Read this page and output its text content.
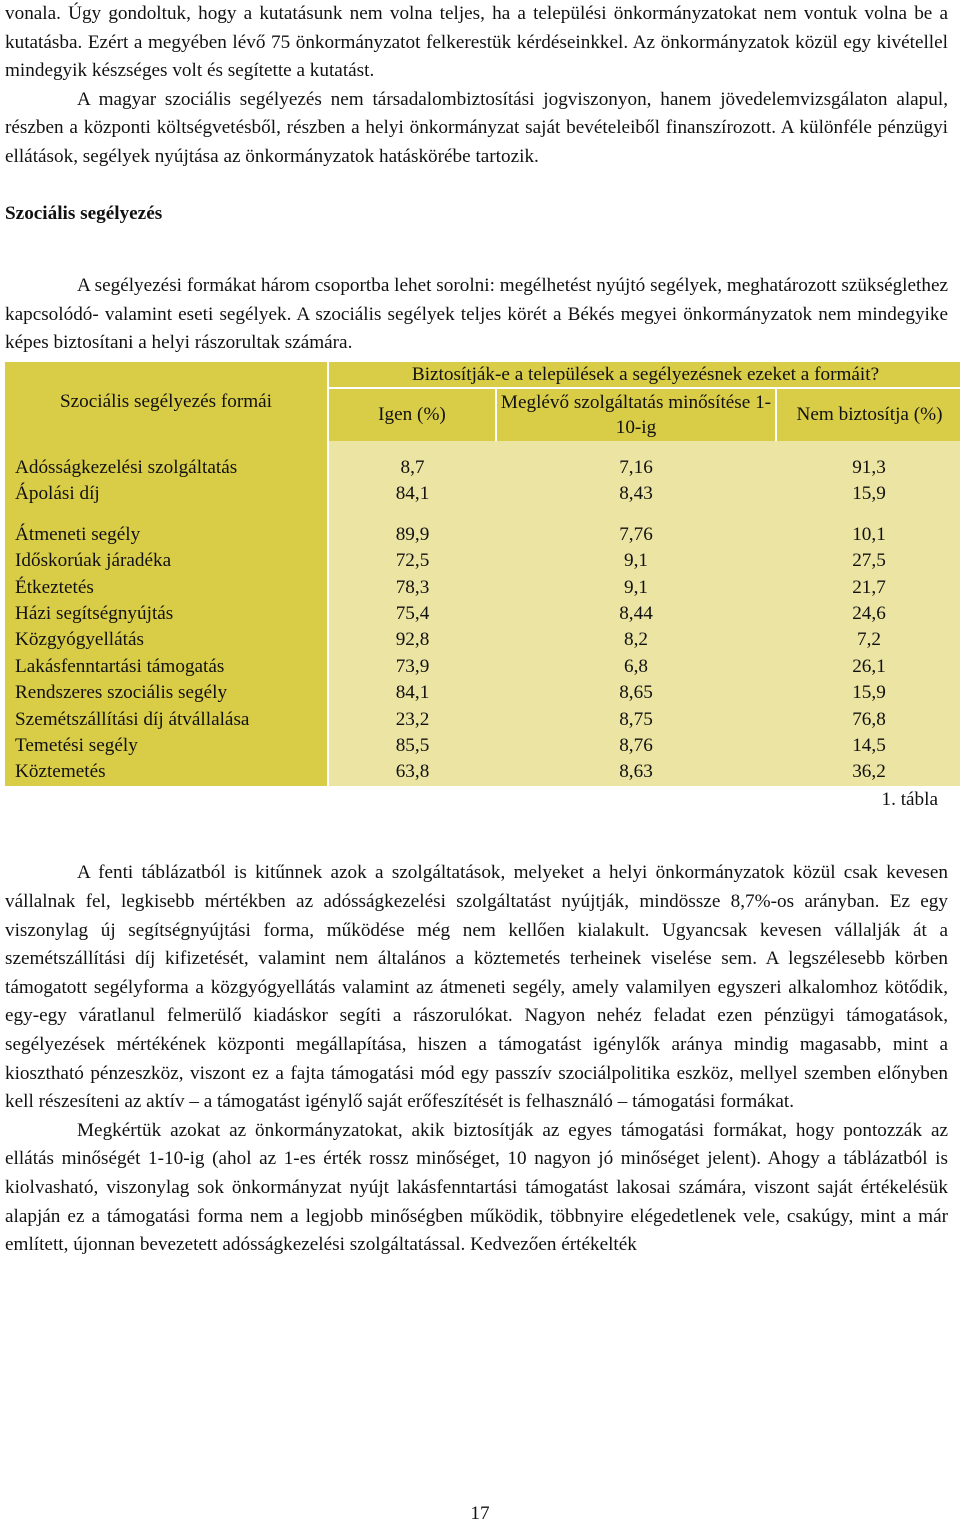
vonala. Úgy gondoltuk, hogy a kutatásunk nem volna teljes, ha a települési önkormányzatokat nem vontuk volna be a kutatásba. Ezért a megyében lévő 75 önkormányzatot felkerestük kérdéseinkkel. Az önkormányzatok közül egy kivétellel mindegyik készséges volt és segítette a kutatást.

A magyar szociális segélyezés nem társadalombiztosítási jogviszonyon, hanem jövedelemvizsgálaton alapul, részben a központi költségvetésből, részben a helyi önkormányzat saját bevételeiből finanszírozott. A különféle pénzügyi ellátások, segélyek nyújtása az önkormányzatok hatáskörébe tartozik.

Szociális segélyezés

A segélyezési formákat három csoportba lehet sorolni: megélhetést nyújtó segélyek, meghatározott szükséglethez kapcsolódó- valamint eseti segélyek. A szociális segélyek teljes körét a Békés megyei önkormányzatok nem mindegyike képes biztosítani a helyi rászorultak számára.

Szociális segélyezés formái	Biztosítják-e a települések a segélyezésnek ezeket a formáit?		
	Igen (%)	Meglévő szolgáltatás minősítése 1-10-ig	Nem biztosítja (%)

Adósságkezelési szolgáltatás	8,7	7,16	91,3
Ápolási díj	84,1	8,43	15,9

Átmeneti segély	89,9	7,76	10,1
Időskorúak járadéka	72,5	9,1	27,5
Étkeztetés	78,3	9,1	21,7
Házi segítségnyújtás	75,4	8,44	24,6
Közgyógyellátás	92,8	8,2	7,2
Lakásfenntartási támogatás	73,9	6,8	26,1
Rendszeres szociális segély	84,1	8,65	15,9
Szemétszállítási díj átvállalása	23,2	8,75	76,8
Temetési segély	85,5	8,76	14,5
Köztemetés	63,8	8,63	36,2
1. tábla

A fenti táblázatból is kitűnnek azok a szolgáltatások, melyeket a helyi önkormányzatok közül csak kevesen vállalnak fel, legkisebb mértékben az adósságkezelési szolgáltatást nyújtják, mindössze 8,7%-os arányban. Ez egy viszonylag új segítségnyújtási forma, működése még nem kellően kialakult. Ugyancsak kevesen vállalják át a szemétszállítási díj kifizetését, valamint nem általános a köztemetés terheinek viselése sem. A legszélesebb körben támogatott segélyforma a közgyógyellátás valamint az átmeneti segély, amely valamilyen egyszeri alkalomhoz kötődik, egy-egy váratlanul felmerülő kiadáskor segíti a rászorulókat. Nagyon nehéz feladat ezen pénzügyi támogatások, segélyezések mértékének központi megállapítása, hiszen a támogatást igénylők aránya mindig magasabb, mint a kiosztható pénzeszköz, viszont ez a fajta támogatási mód egy passzív szociálpolitika eszköz, mellyel szemben előnyben kell részesíteni az aktív – a támogatást igénylő saját erőfeszítését is felhasználó – támogatási formákat.

Megkértük azokat az önkormányzatokat, akik biztosítják az egyes támogatási formákat, hogy pontozzák az ellátás minőségét 1-10-ig (ahol az 1-es érték rossz minőséget, 10 nagyon jó minőséget jelent). Ahogy a táblázatból is kiolvasható, viszonylag sok önkormányzat nyújt lakásfenntartási támogatást lakosai számára, viszont saját értékelésük alapján ez a támogatási forma nem a legjobb minőségben működik, többnyire elégedetlenek vele, csakúgy, mint a már említett, újonnan bevezetett adósságkezelési szolgáltatással. Kedvezően értékelték

17
